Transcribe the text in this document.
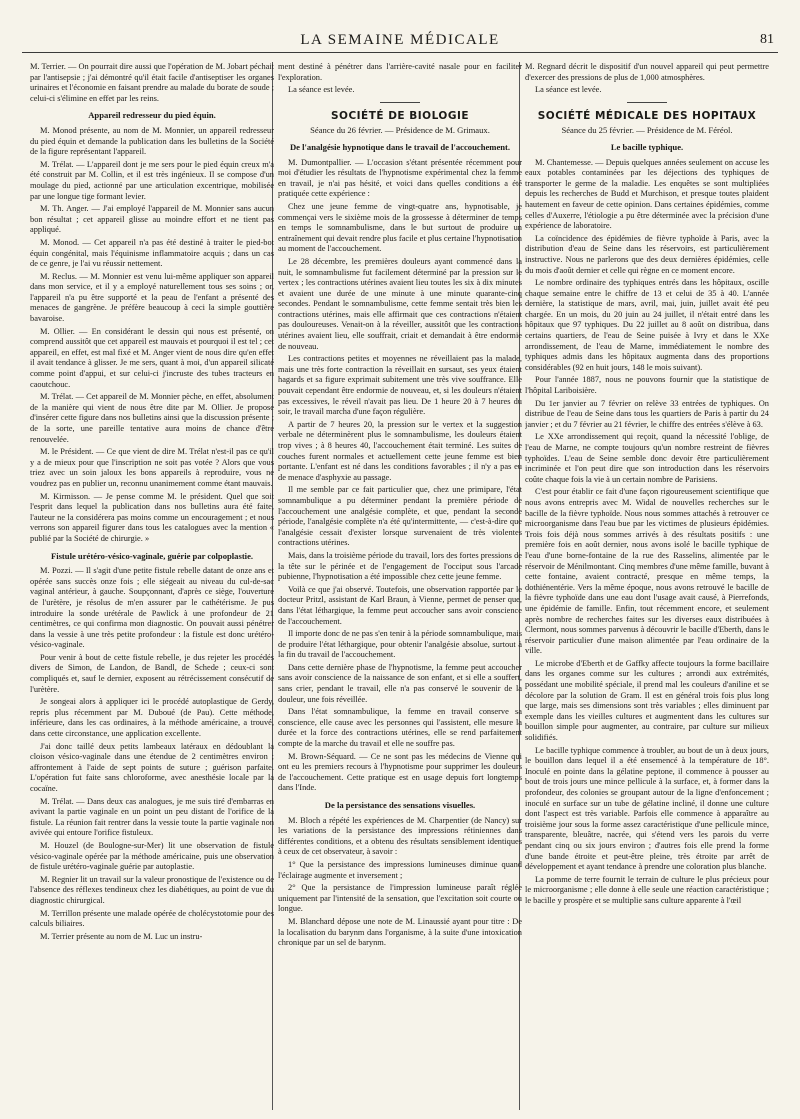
LA SEMAINE MÉDICALE	81

M. Terrier. — On pourrait dire aussi que l'opération de M. Jobart péchait par l'antisepsie ; j'ai démontré qu'il était facile d'antiseptiser les organes urinaires et l'économie en faisant prendre au malade du borate de soude ; celui-ci s'élimine en effet par les reins.

Appareil redresseur du pied équin.

M. Monod présente, au nom de M. Monnier, un appareil redresseur du pied équin et demande la publication dans les bulletins de la Société de la figure représentant l'appareil.

M. Trélat. — L'appareil dont je me sers pour le pied équin creux m'a été construit par M. Collin, et il est très ingénieux. Il se compose d'un moulage du pied, actionné par une articulation excentrique, mobilisée par une longue tige formant levier.

M. Th. Anger. — J'ai employé l'appareil de M. Monnier sans aucun bon résultat ; cet appareil glisse au moindre effort et ne tient pas appliqué.

M. Monod. — Cet appareil n'a pas été destiné à traiter le pied-bot équin congénital, mais l'équinisme inflammatoire acquis ; dans un cas de ce genre, je l'ai vu réussir nettement.

M. Reclus. — M. Monnier est venu lui-même appliquer son appareil dans mon service, et il y a employé naturellement tous ses soins ; or, l'appareil n'a pu être supporté et la peau de l'enfant a présenté des menaces de gangrène. Je préfère beaucoup à ceci la simple gouttière bavaroise.

M. Ollier. — En considérant le dessin qui nous est présenté, on comprend aussitôt que cet appareil est mauvais et pourquoi il est tel ; cet appareil, en effet, est mal fixé et M. Anger vient de nous dire qu'en effet il avait tendance à glisser. Je me sers, quant à moi, d'un appareil silicaté comme point d'appui, et sur celui-ci j'incruste des tubes tracteurs en caoutchouc.

M. Trélat. — Cet appareil de M. Monnier pèche, en effet, absolument de la manière qui vient de nous être dite par M. Ollier. Je propose d'insérer cette figure dans nos bulletins ainsi que la discussion présente ; de la sorte, une pareille tentative aura moins de chance d'être renouvelée.

M. le Président. — Ce que vient de dire M. Trélat n'est-il pas ce qu'il y a de mieux pour que l'inscription ne soit pas votée ? Alors que vous triez avec un soin jaloux les bons appareils à reproduire, vous ne voudrez pas en publier un, reconnu unanimement comme étant mauvais.

M. Kirmisson. — Je pense comme M. le président. Quel que soit l'esprit dans lequel la publication dans nos bulletins aura été faite, l'auteur ne la considérera pas moins comme un encouragement ; et nous verrons son appareil figurer dans tous les catalogues avec la mention « publié par la Société de chirurgie. »

Fistule urétéro-vésico-vaginale, guérie par colpoplastie.

M. Pozzi. — Il s'agit d'une petite fistule rebelle datant de onze ans et opérée sans succès onze fois ; elle siégeait au niveau du cul-de-sac vaginal antérieur, à gauche. Soupçonnant, d'après ce siège, l'ouverture de l'urètère, je résolus de m'en assurer par le cathétérisme. Je pus introduire la sonde urétérale de Pawlick à une profondeur de 21 centimètres, ce qui confirma mon diagnostic. On pouvait aussi pénétrer dans la vessie à une très petite profondeur : la fistule est donc urétéro-vésico-vaginale.

Pour venir à bout de cette fistule rebelle, je dus rejeter les procédés divers de Simon, de Landon, de Bandl, de Schede ; ceux-ci sont compliqués et, sauf le dernier, exposent au rétrécissement consécutif de l'urètère.

Je songeai alors à appliquer ici le procédé autoplastique de Gerdy, repris plus récemment par M. Duboué (de Pau). Cette méthode, inférieure, dans les cas ordinaires, à la méthode américaine, a trouvé, dans cette circonstance, une application excellente.

J'ai donc taillé deux petits lambeaux latéraux en dédoublant la cloison vésico-vaginale dans une étendue de 2 centimètres environ ; affrontement à l'aide de sept points de suture ; guérison parfaite. L'opération fut faite sans chloroforme, avec anesthésie locale par la cocaïne.

M. Trélat. — Dans deux cas analogues, je me suis tiré d'embarras en avivant la partie vaginale en un point un peu distant de l'orifice de la fistule. La réunion fait rentrer dans la vessie toute la partie vaginale non avivée qui entoure l'orifice fistuleux.

M. Houzel (de Boulogne-sur-Mer) lit une observation de fistule vésico-vaginale opérée par la méthode américaine, puis une observation de fistule urétéro-vaginale guérie par autoplastie.

M. Regnier lit un travail sur la valeur pronostique de l'existence ou de l'absence des réflexes tendineux chez les diabétiques, au point de vue du diagnostic chirurgical.

M. Terrillon présente une malade opérée de cholécystotomie pour des calculs biliaires.

M. Terrier présente au nom de M. Luc un instru-

ment destiné à pénétrer dans l'arrière-cavité nasale pour en faciliter l'exploration.

La séance est levée.

SOCIÉTÉ DE BIOLOGIE
Séance du 26 février. — Présidence de M. Grimaux.
De l'analgésie hypnotique dans le travail de l'accouchement.

M. Dumontpallier. — L'occasion s'étant présentée récemment pour moi d'étudier les résultats de l'hypnotisme expérimental chez la femme en travail, je n'ai pas hésité, et voici dans quelles conditions a été pratiquée cette expérience :

Chez une jeune femme de vingt-quatre ans, hypnotisable, je commençai vers le sixième mois de la grossesse à déterminer de temps en temps le somnambulisme, dans le but surtout de produire un entraînement qui devait rendre plus facile et plus certaine l'hypnotisation au moment de l'accouchement.

Le 28 décembre, les premières douleurs ayant commencé dans la nuit, le somnambulisme fut facilement déterminé par la pression sur le vertex ; les contractions utérines avaient lieu toutes les six à dix minutes et avaient une durée de une minute à une minute quarante-cinq secondes. Pendant le somnambulisme, cette femme sentait très bien les contractions utérines, mais elle affirmait que ces contractions n'étaient pas douloureuses. Venait-on à la réveiller, aussitôt que les contractions utérines avaient lieu, elle souffrait, criait et demandait à être endormie de nouveau.

Les contractions petites et moyennes ne réveillaient pas la malade, mais une très forte contraction la réveillait en sursaut, ses yeux étaient hagards et sa figure exprimait subitement une très vive souffrance. Elle pouvait cependant être endormie de nouveau, et, si les douleurs n'étaient pas excessives, le réveil n'avait pas lieu. De 1 heure 20 à 7 heures du soir, le travail marcha d'une façon régulière.

A partir de 7 heures 20, la pression sur le vertex et la suggestion verbale ne déterminèrent plus le somnambulisme, les douleurs étaient trop vives ; à 8 heures 40, l'accouchement était terminé. Les suites de couches furent normales et actuellement cette jeune femme est bien portante. L'enfant est né dans les conditions favorables ; il n'y a pas eu de menace d'asphyxie au passage.

Il me semble par ce fait particulier que, chez une primipare, l'état somnambulique a pu déterminer pendant la première période de l'accouchement une analgésie complète, et que, pendant la seconde période, l'analgésie complète n'a été qu'intermittente, — c'est-à-dire que l'analgésie cessait d'exister lorsque survenaient de très violentes contractions utérines.

Mais, dans la troisième période du travail, lors des fortes pressions de la tête sur le périnée et de l'engagement de l'occiput sous l'arcade pubienne, l'hypnotisation a été impossible chez cette jeune femme.

Voilà ce que j'ai observé. Toutefois, une observation rapportée par le docteur Pritzl, assistant de Karl Braun, à Vienne, permet de penser que, dans l'état léthargique, la femme peut accoucher sans avoir conscience de l'accouchement.

Il importe donc de ne pas s'en tenir à la période somnambulique, mais de produire l'état léthargique, pour obtenir l'analgésie absolue, surtout à la fin du travail de l'accouchement.

Dans cette dernière phase de l'hypnotisme, la femme peut accoucher sans avoir conscience de la naissance de son enfant, et si elle a souffert, sans crier, pendant le travail, elle n'a pas conservé le souvenir de la douleur, une fois réveillée.

Dans l'état somnambulique, la femme en travail conserve sa conscience, elle cause avec les personnes qui l'assistent, elle mesure la durée et la force des contractions utérines, elle se rend parfaitement compte de la marche du travail et elle ne souffre pas.

M. Brown-Séquard. — Ce ne sont pas les médecins de Vienne qui ont eu les premiers recours à l'hypnotisme pour supprimer les douleurs de l'accouchement. Cette pratique est en usage depuis fort longtemps dans l'Inde.

De la persistance des sensations visuelles.

M. Bloch a répété les expériences de M. Charpentier (de Nancy) sur les variations de la persistance des impressions rétiniennes dans différentes conditions, et a obtenu des résultats sensiblement identiques à ceux de cet observateur, à savoir :

1° Que la persistance des impressions lumineuses diminue quand l'éclairage augmente et inversement ;

2° Que la persistance de l'impression lumineuse paraît réglée uniquement par l'intensité de la sensation, que l'excitation soit courte ou longue.

M. Blanchard dépose une note de M. Linaussié ayant pour titre : De la localisation du barynm dans l'organisme, à la suite d'une intoxication chronique par un sel de barynm.

M. Regnard décrit le dispositif d'un nouvel appareil qui peut permettre d'exercer des pressions de plus de 1,000 atmosphères.

La séance est levée.

SOCIÉTÉ MÉDICALE DES HOPITAUX
Séance du 25 février. — Présidence de M. Féréol.
Le bacille typhique.

M. Chantemesse. — Depuis quelques années seulement on accuse les eaux potables contaminées par les déjections des typhiques de transporter le germe de la maladie. Les enquêtes se sont multipliées depuis les recherches de Budd et Murchison, et presque toutes plaident hautement en faveur de cette opinion. Dans certaines épidémies, comme celles d'Auxerre, l'étiologie a pu être déterminée avec la précision d'une expérience de laboratoire.

La coïncidence des épidémies de fièvre typhoïde à Paris, avec la distribution d'eau de Seine dans les réservoirs, est particulièrement instructive. Nous ne parlerons que des deux dernières épidémies, celle du mois d'août dernier et celle qui règne en ce moment encore.

Le nombre ordinaire des typhiques entrés dans les hôpitaux, oscille chaque semaine entre le chiffre de 13 et celui de 35 à 40. L'année dernière, la statistique de mars, avril, mai, juin, juillet avait été peu chargée. En un mois, du 20 juin au 24 juillet, il n'était entré dans les hôpitaux que 97 typhiques. Du 22 juillet au 8 août on distribua, dans certains quartiers, de l'eau de Seine puisée à Ivry et dans le XXe arrondissement, de l'eau de Marne, immédiatement le nombre des typhiques admis dans les hôpitaux augmenta dans des proportions considérables (92 en huit jours, 148 le mois suivant).

Pour l'année 1887, nous ne pouvons fournir que la statistique de l'hôpital Lariboisière.

Du 1er janvier au 7 février on relève 33 entrées de typhiques. On distribue de l'eau de Seine dans tous les quartiers de Paris à partir du 24 janvier ; et du 7 février au 21 février, le chiffre des entrées s'élève à 63.

Le XXe arrondissement qui reçoit, quand la nécessité l'oblige, de l'eau de Marne, ne compte toujours qu'un nombre restreint de fièvres typhoïdes. L'eau de Seine semble donc devoir être particulièrement incriminée et l'on peut dire que son introduction dans les réservoirs coûte chaque fois la vie à un certain nombre de Parisiens.

C'est pour établir ce fait d'une façon rigoureusement scientifique que nous avons entrepris avec M. Widal de nouvelles recherches sur le bacille de la fièvre typhoïde. Nous nous sommes attachés à retrouver ce microorganisme dans l'eau bue par les victimes de plusieurs épidémies. Trois fois déjà nous sommes arrivés à des résultats positifs : une première fois en août dernier, nous avons isolé le bacille typhique de l'eau d'une borne-fontaine de la rue des Rasselins, alimentée par le réservoir de Ménilmontant. Cinq membres d'une même famille, buvant à cette fontaine, avaient contracté, presque en même temps, la dothiénentérie. Vers la même époque, nous avons retrouvé le bacille de la fièvre typhoïde dans une eau dont l'usage avait causé, à Pierrefonds, une épidémie de famille. Enfin, tout récemment encore, et seulement après nombre de recherches faites sur les diverses eaux distribuées à Clermont, nous sommes parvenus à découvrir le bacille d'Eberth, dans le réservoir particulier d'une maison alimentée par l'eau ordinaire de la ville.

Le microbe d'Eberth et de Gaffky affecte toujours la forme bacillaire dans les organes comme sur les cultures ; arrondi aux extrémités, possédant une mobilité spéciale, il prend mal les couleurs d'aniline et se décolore par la solution de Gram. Il est en général trois fois plus long que large, mais ses dimensions sont très variables ; elles diminuent par exemple dans les vieilles cultures et augmentent dans les cultures sur bouillon simple pour augmenter, au contraire, par culture sur milieux solidifiés.

Le bacille typhique commence à troubler, au bout de un à deux jours, le bouillon dans lequel il a été ensemencé à la température de 18°. Inoculé en pointe dans la gélatine peptone, il commence à pousser au bout de trois jours une mince pellicule à la surface, et, à former dans la profondeur, des colonies se groupant autour de la ligne d'enfoncement ; inoculé en surface sur un tube de gélatine incliné, il donne une culture dont l'aspect est très variable. Parfois elle commence à apparaître au troisième jour sous la forme assez caractéristique d'une pellicule mince, transparente, bleuâtre, nacrée, qui s'étend vers les parois du verre pendant cinq ou six jours environ ; d'autres fois elle prend la forme d'une bande étroite et peut-être pleine, très étroite par arrêt de développement et ayant tendance à prendre une coloration plus blanche.

La pomme de terre fournit le terrain de culture le plus précieux pour le microorganisme ; elle donne à elle seule une réaction caractéristique ; le bacille y prospère et se multiplie sans culture apparente à l'œil
